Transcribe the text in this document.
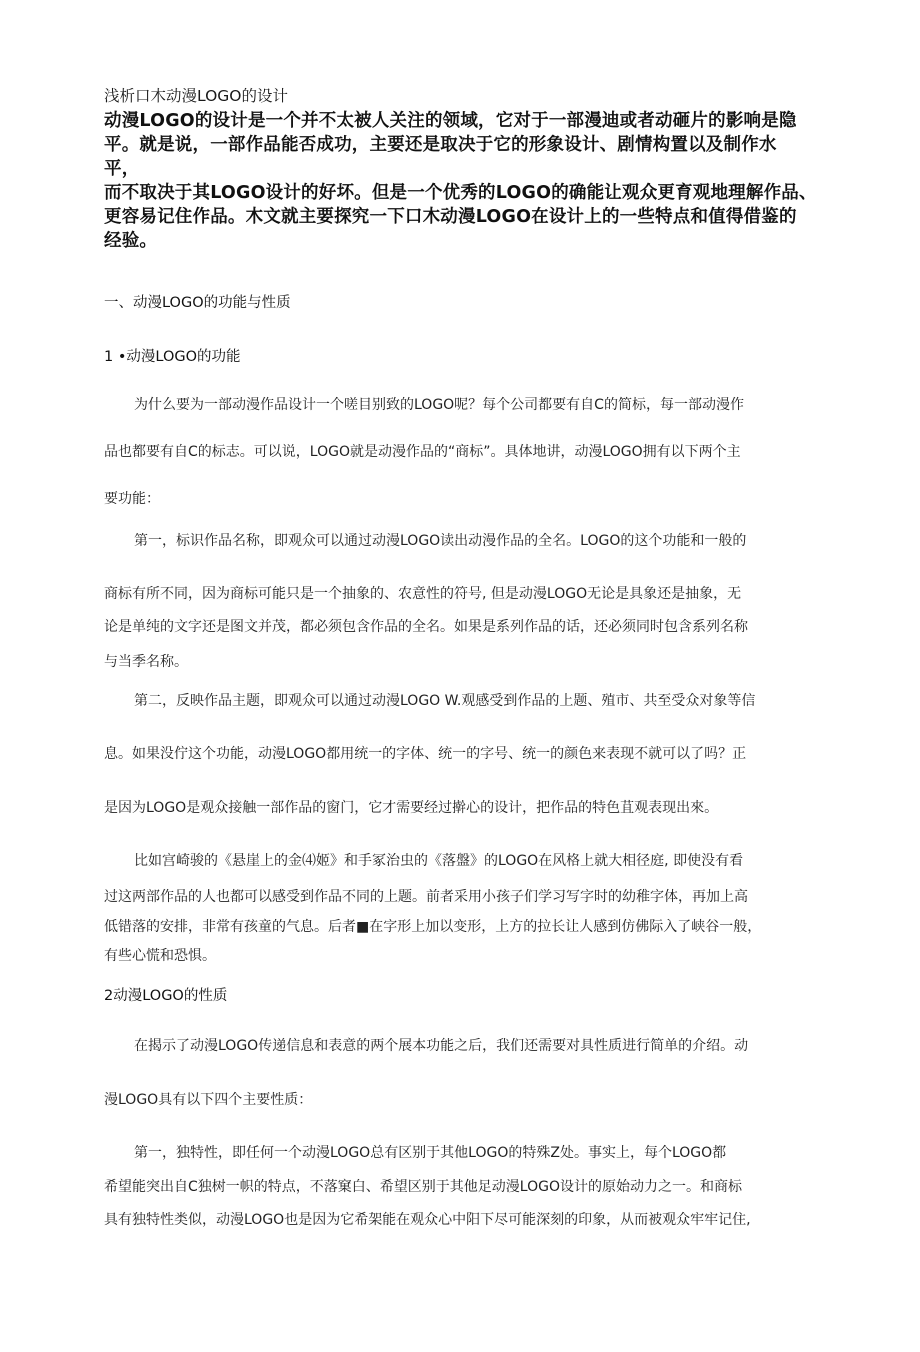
浅析口木动漫LOGO的设计
动漫LOGO的设计是一个并不太被人关注的领域，它对于一部漫迪或者动砸片的影响是隐
平。就是说，一部作品能否成功，主要还是取决于它的形象设计、剧情构置以及制作水
平，
而不取决于其LOGO设计的好坏。但是一个优秀的LOGO的确能让观众更育观地理解作品、
更容易记住作品。木文就主要探究一下口木动漫LOGO在设计上的一些特点和值得借鉴的
经验。
一、动漫LOGO的功能与性质
1 •动漫LOGO的功能
为什么要为一部动漫作品设计一个嗟目别致的LOGO呢？每个公司都要有自C的简标，每一部动漫作
品也都要有自C的标志。可以说，LOGO就是动漫作品的“商标”。具体地讲，动漫LOGO拥有以下两个主
要功能：
第一，标识作品名称，即观众可以通过动漫LOGO读出动漫作品的全名。LOGO的这个功能和一般的
商标有所不同，因为商标可能只是一个抽象的、农意性的符号, 但是动漫LOGO无论是具象还是抽象，无
论是单纯的文字还是图文并茂，都必须包含作品的全名。如果是系列作品的话，还必须同时包含系列名称
与当季名称。
第二，反映作品主题，即观众可以通过动漫LOGO W.观感受到作品的上题、殖市、共至受众对象等信
息。如果没佇这个功能，动漫LOGO都用统一的字体、统一的字号、统一的颜色来表现不就可以了吗？正
是因为LOGO是观众接触一部作品的窗门，它才需要经过擀心的设计，把作品的特色苴观表现出來。
比如宫崎骏的《悬崖上的金⑷姬》和手冢治虫的《落盤》的LOGO在风格上就大相径庭, 即使没有看
过这两部作品的人也都可以感受到作品不同的上题。前者采用小孩子们学习写字时的幼稚字体，再加上高
低错落的安排，非常有孩童的气息。后者■在字形上加以变形，上方的拉长让人感到仿佛际入了峡谷一般，
有些心慌和恐惧。
2动漫LOGO的性质
在揭示了动漫LOGO传递信息和表意的两个展本功能之后，我们还需要对具性质进行简单的介绍。动
漫LOGO具有以下四个主要性质：
第一，独特性，即任何一个动漫LOGO总有区别于其他LOGO的特殊Z处。事实上，每个LOGO都
希望能突出自C独树一帜的特点，不落窠白、希望区别于其他足动漫LOGO设计的原始动力之一。和商标
具有独特性类似，动漫LOGO也是因为它希架能在观众心中阳下尽可能深刻的印象，从而被观众牢牢记住,
